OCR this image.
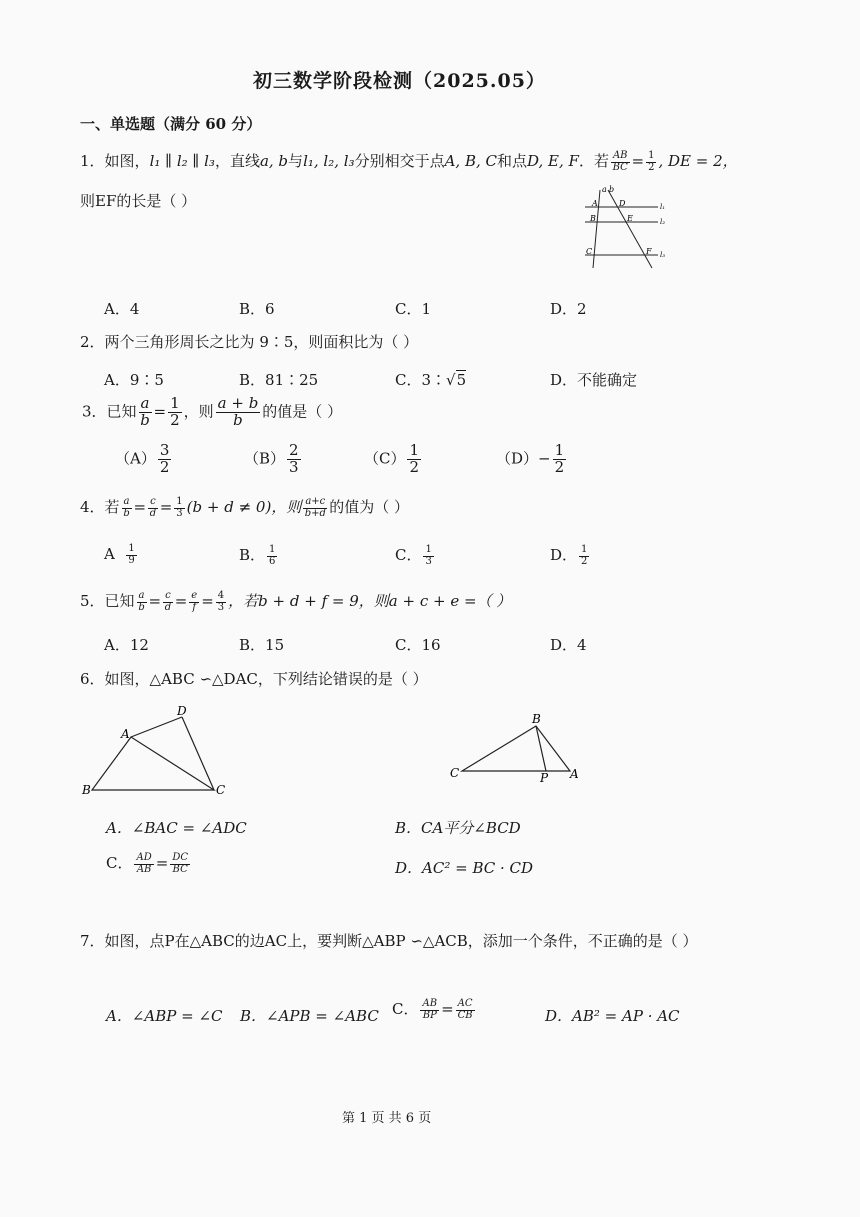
初三数学阶段检测（2025.05）
一、单选题（满分 60 分）
1．如图，l₁ ∥ l₂ ∥ l₃，直线a, b与l₁, l₂, l₃分别相交于点A, B, C和点D, E, F．若 $\frac{AB}{BC} = \frac{1}{2}$ , DE = 2，
则EF的长是（ ）
a b
A	D
B	E
C	F
l₁
l₂
l₃
A．4	B．6	C．1	D．2
2．两个三角形周长之比为 9∶5，则面积比为（ ）
A．9∶5	B．81∶25	C．3∶√5	D．不能确定
3．已知 $\frac{a}{b} = \frac{1}{2}$ ，则 $\frac{a + b}{b}$ 的值是（ ）
$(A) \frac{3}{2}$	$(B) \frac{2}{3}$	$(C) \frac{1}{2}$	$(D)- \frac{1}{2}$
4．若 $\frac{a}{b} = \frac{c}{d} = \frac{1}{3} (b + d \ne 0)$，则 $\frac{a+c}{b+d}$ 的值为（ ）
A $\frac{1}{9}$	B． $\frac{1}{6}$	C． $\frac{1}{3}$	D． $\frac{1}{2}$
5．已知 $\frac{a}{b} = \frac{c}{d} = \frac{e}{f} = \frac{4}{3}$ ，若b + d + f = 9，则a + c + e =（ ）
A．12	B．15	C．16	D．4
6．如图，△ABC ∽△DAC，下列结论错误的是（ ）
A
D
B	C
B
C	P A
A．∠BAC = ∠ADC	B．CA平分∠BCD
C． $\frac{AD}{AB} = \frac{DC}{BC}$	D．AC² = BC · CD
7．如图，点P在△ABC的边AC上，要判断△ABP ∽△ACB，添加一个条件，不正确的是（ ）
A．∠ABP = ∠C B．∠APB = ∠ABC C． $\frac{AB}{BP} = \frac{AC}{CB}$	D．AB² = AP · AC
第 1 页 共 6 页
